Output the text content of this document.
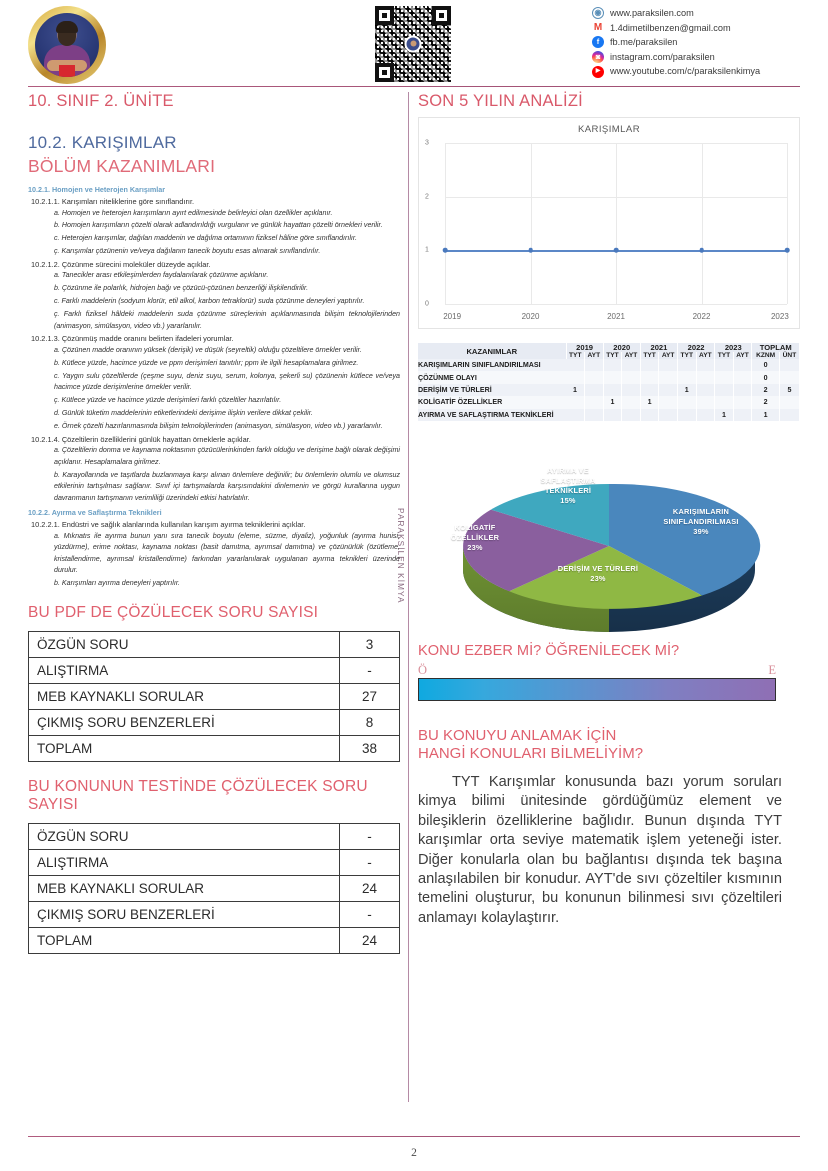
◉ www.paraksilen.com
M 1.4dimetilbenzen@gmail.com
f	fb.me/paraksilen
◙	instagram.com/paraksilen
▶	www.youtube.com/c/paraksilenkimya
PARAKSİLEN KİMYA
10. SINIF 2. ÜNİTE
10.2. KARIŞIMLAR
BÖLÜM KAZANIMLARI
10.2.1. Homojen ve Heterojen Karışımlar
10.2.1.1. Karışımları niteliklerine göre sınıflandırır.
a. Homojen ve heterojen karışımların ayırt edilmesinde belirleyici olan özellikler açıklanır.
b. Homojen karışımların çözelti olarak adlandırıldığı vurgulanır ve günlük hayattan çözelti örnekleri verilir.
c. Heterojen karışımlar, dağılan maddenin ve dağılma ortamının fiziksel hâline göre sınıflandırılır.
ç. Karışımlar çözünenin ve/veya dağılanın tanecik boyutu esas alınarak sınıflandırılır.
10.2.1.2. Çözünme sürecini moleküler düzeyde açıklar.
a. Tanecikler arası etkileşimlerden faydalanılarak çözünme açıklanır.
b. Çözünme ile polarlık, hidrojen bağı ve çözücü-çözünen benzerliği ilişkilendirilir.
c. Farklı maddelerin (sodyum klorür, etil alkol, karbon tetraklorür) suda çözünme deneyleri yaptırılır.
ç. Farklı fiziksel hâldeki maddelerin suda çözünme süreçlerinin açıklanmasında bilişim teknolojilerinden (animasyon, simülasyon, video vb.) yararlanılır.
10.2.1.3. Çözünmüş madde oranını belirten ifadeleri yorumlar.
a. Çözünen madde oranının yüksek (derişik) ve düşük (seyreltik) olduğu çözeltilere örnekler verilir.
b. Kütlece yüzde, hacimce yüzde ve ppm derişimleri tanıtılır; ppm ile ilgili hesaplamalara girilmez.
c. Yaygın sulu çözeltilerde (çeşme suyu, deniz suyu, serum, kolonya, şekerli su) çözünenin kütlece ve/veya hacimce yüzde derişimlerine örnekler verilir.
ç. Kütlece yüzde ve hacimce yüzde derişimleri farklı çözeltiler hazırlatılır.
d. Günlük tüketim maddelerinin etiketlerindeki derişime ilişkin verilere dikkat çekilir.
e. Örnek çözelti hazırlanmasında bilişim teknolojilerinden (animasyon, simülasyon, video vb.) yararlanılır.
10.2.1.4. Çözeltilerin özelliklerini günlük hayattan örneklerle açıklar.
a. Çözeltilerin donma ve kaynama noktasının çözücülerinkinden farklı olduğu ve derişime bağlı olarak değişimi açıklanır. Hesaplamalara girilmez.
b. Karayollarında ve taşıtlarda buzlanmaya karşı alınan önlemlere değinilir; bu önlemlerin olumlu ve olumsuz etkilerinin tartışılması sağlanır. Sınıf içi tartışmalarda karşısındakini dinlemenin ve görgü kurallarına uygun davranmanın tartışmanın verimliliği üzerindeki etkisi hatırlatılır.
10.2.2. Ayırma ve Saflaştırma Teknikleri
10.2.2.1. Endüstri ve sağlık alanlarında kullanılan karışım ayırma tekniklerini açıklar.
a. Mıknatıs ile ayırma bunun yanı sıra tanecik boyutu (eleme, süzme, diyaliz), yoğunluk (ayırma hunisi, yüzdürme), erime noktası, kaynama noktası (basit damıtma, ayrımsal damıtma) ve çözünürlük (özütleme, kristallendirme, ayrımsal kristallendirme) farkından yararlanılarak uygulanan ayırma teknikleri üzerinde durulur.
b. Karışımları ayırma deneyleri yaptırılır.
BU PDF DE ÇÖZÜLECEK SORU SAYISI
ÖZGÜN SORU	3
ALIŞTIRMA	-
MEB KAYNAKLI SORULAR	27
ÇIKMIŞ SORU BENZERLERİ	8
TOPLAM	38
BU KONUNUN TESTİNDE ÇÖZÜLECEK SORU SAYISI
ÖZGÜN SORU	-
ALIŞTIRMA	-
MEB KAYNAKLI SORULAR	24
ÇIKMIŞ SORU BENZERLERİ	-
TOPLAM	24
SON 5 YILIN ANALİZİ
KARIŞIMLAR
3
2
1
0
2019	2020	2021	2022	2023
KAZANIMLAR	2019		2020		2021		2022		2023		TOPLAM	
	TYT	AYT	TYT	AYT	TYT	AYT	TYT	AYT	TYT	AYT	KZNM	ÜNT
KARIŞIMLARIN SINIFLANDIRILMASI											0	
ÇÖZÜNME OLAYI											0	
DERİŞİM VE TÜRLERİ	1						1				2	5
KOLİGATİF ÖZELLİKLER			1		1						2	
AYIRMA VE SAFLAŞTIRMA TEKNİKLERİ									1		1	
KARIŞIMLARIN SINIFLANDIRILMASI
39%
DERİŞİM VE TÜRLERİ
23%
KOLİGATİF ÖZELLİKLER
23%
AYIRMA VE SAFLAŞTIRMA TEKNİKLERİ
15%
KONU EZBER Mİ? ÖĞRENİLECEK Mİ?
Ö	E
BU KONUYU ANLAMAK İÇİN
HANGİ KONULARI BİLMELİYİM?
TYT Karışımlar konusunda bazı yorum soruları kimya bilimi ünitesinde gördüğümüz element ve bileşiklerin özelliklerine bağlıdır. Bunun dışında TYT karışımlar orta seviye matematik işlem yeteneği ister. Diğer konularla olan bu bağlantısı dışında tek başına anlaşılabilen bir konudur. AYT'de sıvı çözeltiler kısmının temelini oluşturur, bu konunun bilinmesi sıvı çözeltileri anlamayı kolaylaştırır.
2
